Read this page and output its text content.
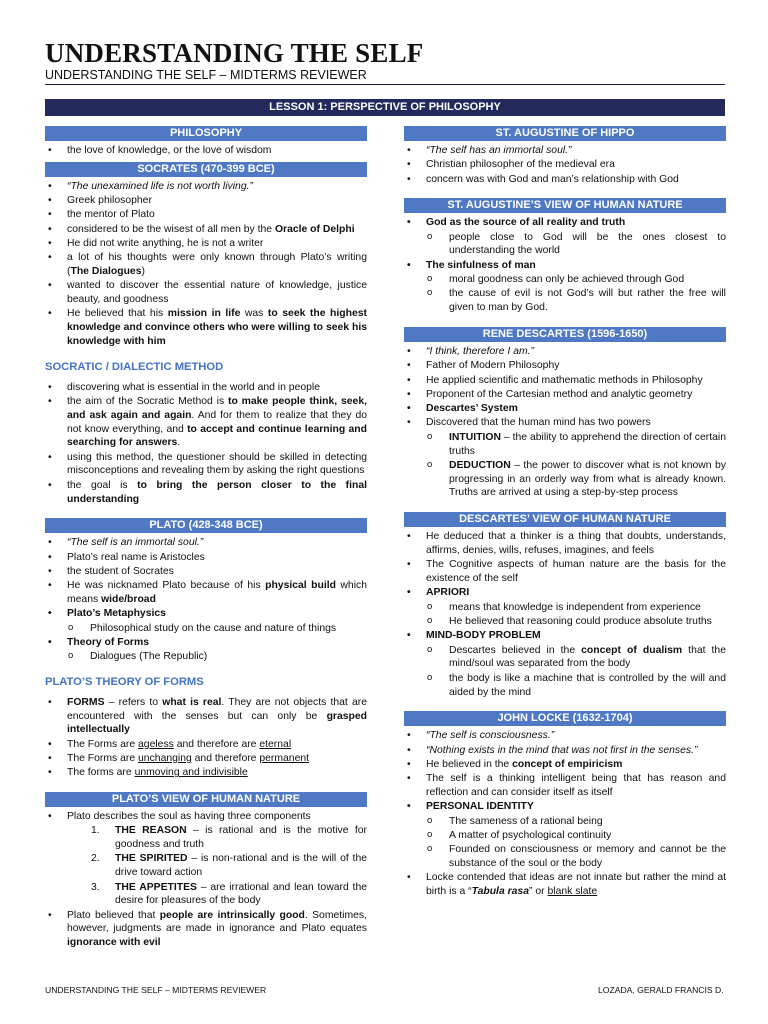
UNDERSTANDING THE SELF
UNDERSTANDING THE SELF – MIDTERMS REVIEWER
LESSON 1: PERSPECTIVE OF PHILOSOPHY
PHILOSOPHY
• the love of knowledge, or the love of wisdom
SOCRATES (470-399 BCE)
• “The unexamined life is not worth living.”
• Greek philosopher
• the mentor of Plato
• considered to be the wisest of all men by the Oracle of Delphi
• He did not write anything, he is not a writer
• a lot of his thoughts were only known through Plato’s writing (The Dialogues)
• wanted to discover the essential nature of knowledge, justice beauty, and goodness
• He believed that his mission in life was to seek the highest knowledge and convince others who were willing to seek his knowledge with him
SOCRATIC / DIALECTIC METHOD
• discovering what is essential in the world and in people
• the aim of the Socratic Method is to make people think, seek, and ask again and again. And for them to realize that they do not know everything, and to accept and continue learning and searching for answers.
• using this method, the questioner should be skilled in detecting misconceptions and revealing them by asking the right questions
• the goal is to bring the person closer to the final understanding
PLATO (428-348 BCE)
• “The self is an immortal soul.”
• Plato’s real name is Aristocles
• the student of Socrates
• He was nicknamed Plato because of his physical build which means wide/broad
• Plato’s Metaphysics
o Philosophical study on the cause and nature of things
• Theory of Forms
o Dialogues (The Republic)
PLATO’S THEORY OF FORMS
• FORMS – refers to what is real. They are not objects that are encountered with the senses but can only be grasped intellectually
• The Forms are ageless and therefore are eternal
• The Forms are unchanging and therefore permanent
• The forms are unmoving and indivisible
PLATO’S VIEW OF HUMAN NATURE
• Plato describes the soul as having three components
1. THE REASON – is rational and is the motive for goodness and truth
2. THE SPIRITED – is non-rational and is the will of the drive toward action
3. THE APPETITES – are irrational and lean toward the desire for pleasures of the body
• Plato believed that people are intrinsically good. Sometimes, however, judgments are made in ignorance and Plato equates ignorance with evil
ST. AUGUSTINE OF HIPPO
• “The self has an immortal soul.”
• Christian philosopher of the medieval era
• concern was with God and man’s relationship with God
ST. AUGUSTINE’S VIEW OF HUMAN NATURE
• God as the source of all reality and truth
o people close to God will be the ones closest to understanding the world
• The sinfulness of man
o moral goodness can only be achieved through God
o the cause of evil is not God’s will but rather the free will given to man by God.
RENE DESCARTES (1596-1650)
• “I think, therefore I am.”
• Father of Modern Philosophy
• He applied scientific and mathematic methods in Philosophy
• Proponent of the Cartesian method and analytic geometry
• Descartes’ System
• Discovered that the human mind has two powers
o INTUITION – the ability to apprehend the direction of certain truths
o DEDUCTION – the power to discover what is not known by progressing in an orderly way from what is already known. Truths are arrived at using a step-by-step process
DESCARTES’ VIEW OF HUMAN NATURE
• He deduced that a thinker is a thing that doubts, understands, affirms, denies, wills, refuses, imagines, and feels
• The Cognitive aspects of human nature are the basis for the existence of the self
• APRIORI
o means that knowledge is independent from experience
o He believed that reasoning could produce absolute truths
• MIND-BODY PROBLEM
o Descartes believed in the concept of dualism that the mind/soul was separated from the body
o the body is like a machine that is controlled by the will and aided by the mind
JOHN LOCKE (1632-1704)
• “The self is consciousness.”
• “Nothing exists in the mind that was not first in the senses.”
• He believed in the concept of empiricism
• The self is a thinking intelligent being that has reason and reflection and can consider itself as itself
• PERSONAL IDENTITY
o The sameness of a rational being
o A matter of psychological continuity
o Founded on consciousness or memory and cannot be the substance of the soul or the body
• Locke contended that ideas are not innate but rather the mind at birth is a “Tabula rasa” or blank slate
UNDERSTANDING THE SELF – MIDTERMS REVIEWER	LOZADA, GERALD FRANCIS D.
